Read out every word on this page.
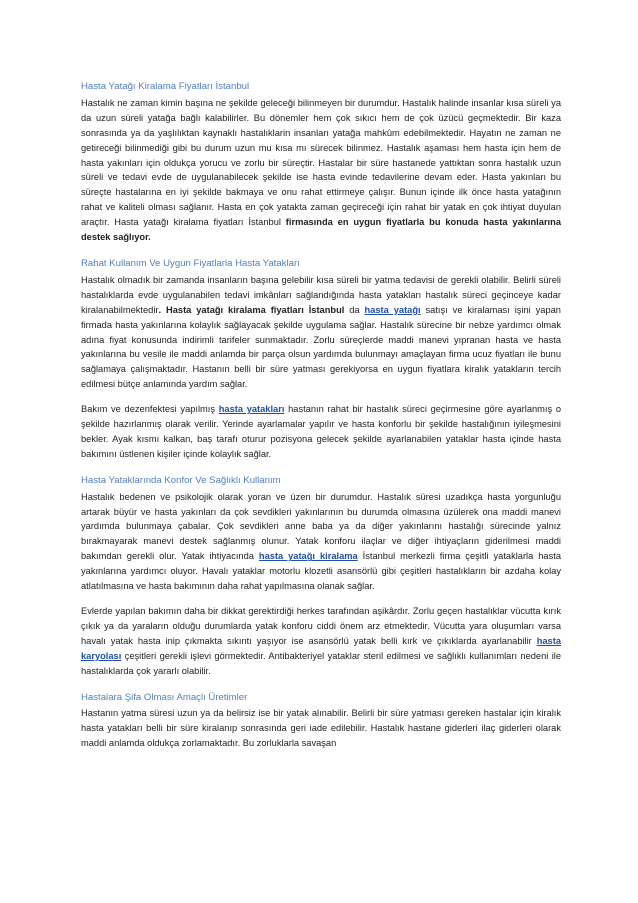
Hasta Yatağı Kiralama Fiyatları İstanbul

Hastalık ne zaman kimin başına ne şekilde geleceği bilinmeyen bir durumdur. Hastalık halinde insanlar kısa süreli ya da uzun süreli yatağa bağlı kalabilirler. Bu dönemler hem çok sıkıcı hem de çok üzücü geçmektedir. Bir kaza sonrasında ya da yaşlılıktan kaynaklı hastalıklarin insanları yatağa mahkûm edebilmektedir. Hayatın ne zaman ne getireceği bilinmediği gibi bu durum uzun mu kısa mı sürecek bilinmez. Hastalık aşaması hem hasta için hem de hasta yakınları için oldukça yorucu ve zorlu bir süreçtir. Hastalar bir süre hastanede yattıktan sonra hastalık uzun süreli ve tedavi evde de uygulanabilecek şekilde ise hasta evinde tedavilerine devam eder. Hasta yakınları bu süreçte hastalarına en iyi şekilde bakmaya ve onu rahat ettirmeye çalışır. Bunun içinde ilk önce hasta yatağının rahat ve kaliteli olması sağlanır. Hasta en çok yatakta zaman geçireceği için rahat bir yatak en çok ihtiyat duyulan araçtır. Hasta yatağı kiralama fiyatları İstanbul firmasında en uygun fiyatlarla bu konuda hasta yakınlarına destek sağlıyor.

Rahat Kullanım Ve Uygun Fiyatlarla Hasta Yatakları

Hastalık olmadık bir zamanda insanların başına gelebilir kısa süreli bir yatma tedavisi de gerekli olabilir. Belirli süreli hastalıklarda evde uygulanabilen tedavi imkânları sağlandığında hasta yatakları hastalık süreci geçinceye kadar kiralanabilmektedir. Hasta yatağı kiralama fiyatları İstanbul da hasta yatağı satışı ve kiralaması işini yapan firmada hasta yakınlarına kolaylık sağlayacak şekilde uygulama sağlar. Hastalık sürecine bir nebze yardımcı olmak adına fiyat konusunda indirimli tarifeler sunmaktadır. Zorlu süreçlerde maddi manevi yıpranan hasta ve hasta yakınlarına bu vesile ile maddi anlamda bir parça olsun yardımda bulunmayı amaçlayan firma ucuz fiyatları ile bunu sağlamaya çalışmaktadır. Hastanın belli bir süre yatması gerekiyorsa en uygun fiyatlara kiralık yatakların tercih edilmesi bütçe anlamında yardım sağlar.

Bakım ve dezenfektesi yapılmış hasta yatakları hastanın rahat bir hastalık süreci geçirmesine göre ayarlanmış o şekilde hazırlanmış olarak verilir. Yerinde ayarlamalar yapılır ve hasta konforlu bir şekilde hastalığının iyileşmesini bekler. Ayak kısmı kalkan, baş tarafı oturur pozisyona gelecek şekilde ayarlanabilen yataklar hasta içinde hasta bakımını üstlenen kişiler içinde kolaylık sağlar.

Hasta Yataklarında Konfor Ve Sağlıklı Kullanım

Hastalık bedenen ve psikolojik olarak yoran ve üzen bir durumdur. Hastalık süresi uzadıkça hasta yorgunluğu artarak büyür ve hasta yakınları da çok sevdikleri yakınlarının bu durumda olmasına üzülerek ona maddi manevi yardımda bulunmaya çabalar. Çok sevdikleri anne baba ya da diğer yakınlarını hastalığı sürecinde yalnız bırakmayarak manevi destek sağlanmış olunur. Yatak konforu ilaçlar ve diğer ihtiyaçların giderilmesi maddi bakımdan gerekli olur. Yatak ihtiyacında hasta yatağı kiralama İstanbul merkezli firma çeşitli yataklarla hasta yakınlarına yardımcı oluyor. Havalı yataklar motorlu klozetli asansörlü gibi çeşitleri hastalıkların bir azdaha kolay atlatılmasına ve hasta bakımının daha rahat yapılmasına olanak sağlar.

Evlerde yapılan bakımın daha bir dikkat gerektirdiği herkes tarafından aşikârdır. Zorlu geçen hastalıklar vücutta kırık çıkık ya da yaraların olduğu durumlarda yatak konforu ciddi önem arz etmektedir. Vücutta yara oluşumları varsa havalı yatak hasta inip çıkmakta sıkıntı yaşıyor ise asansörlü yatak belli kırk ve çıkıklarda ayarlanabilir hasta karyolası çeşitleri gerekli işlevi görmektedir. Antibakteriyel yataklar steril edilmesi ve sağlıklı kullanımları nedeni ile hastalıklarda çok yararlı olabilir.

Hastalara Şifa Olması Amaçlı Üretimler

Hastanın yatma süresi uzun ya da belirsiz ise bir yatak alınabilir. Belirli bir süre yatması gereken hastalar için kiralık hasta yatakları belli bir süre kiralanıp sonrasında geri iade edilebilir. Hastalık hastane giderleri ilaç giderleri olarak maddi anlamda oldukça zorlamaktadır. Bu zorluklarla savaşan
